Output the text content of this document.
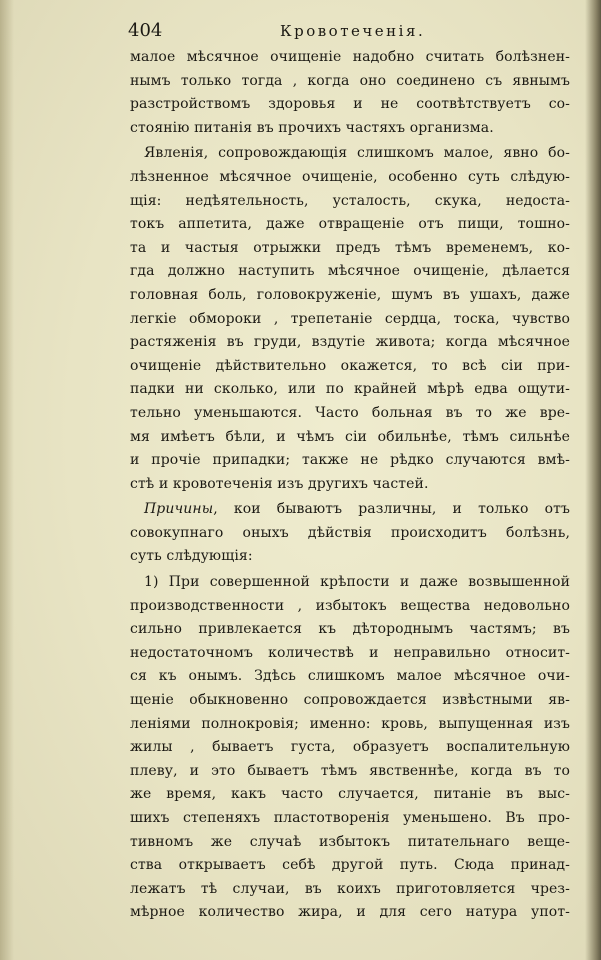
404	Кровотеченія.
малое мѣсячное очищеніе надобно считать болѣзнен-
нымъ только тогда , когда оно соединено съ явнымъ
разстройствомъ здоровья и не соотвѣтствуетъ со-
стоянію питанія въ прочихъ частяхъ организма.
Явленія, сопровождающія слишкомъ малое, явно бо-
лѣзненное мѣсячное очищеніе, особенно суть слѣдую-
щія: недѣятельность, усталость, скука, недоста-
токъ аппетита, даже отвращеніе отъ пищи, тошно-
та и частыя отрыжки предъ тѣмъ временемъ, ко-
гда должно наступить мѣсячное очищеніе, дѣлается
головная боль, головокруженіе, шумъ въ ушахъ, даже
легкіе обмороки , трепетаніе сердца, тоска, чувство
растяженія въ груди, вздутіе живота; когда мѣсячное
очищеніе дѣйствительно окажется, то всѣ сіи при-
падки ни сколько, или по крайней мѣрѣ едва ощути-
тельно уменьшаются. Часто больная въ то же вре-
мя имѣетъ бѣли, и чѣмъ сіи обильнѣе, тѣмъ сильнѣе
и прочіе припадки; также не рѣдко случаются вмѣ-
стѣ и кровотеченія изъ другихъ частей.
Причины, кои бываютъ различны, и только отъ
совокупнаго оныхъ дѣйствія происходитъ болѣзнь,
суть слѣдующія:
1) При совершенной крѣпости и даже возвышенной
производственности , избытокъ вещества недовольно
сильно привлекается къ дѣтороднымъ частямъ; въ
недостаточномъ количествѣ и неправильно относит-
ся къ онымъ. Здѣсь слишкомъ малое мѣсячное очи-
щеніе обыкновенно сопровождается извѣстными яв-
леніями полнокровія; именно: кровь, выпущенная изъ
жилы , бываетъ густа, образуетъ воспалительную
плеву, и это бываетъ тѣмъ явственнѣе, когда въ то
же время, какъ часто случается, питаніе въ выс-
шихъ степеняхъ пластотворенія уменьшено. Въ про-
тивномъ же случаѣ избытокъ питательнаго веще-
ства открываетъ себѣ другой путь. Сюда принад-
лежатъ тѣ случаи, въ коихъ приготовляется чрез-
мѣрное количество жира, и для сего натура упот-
